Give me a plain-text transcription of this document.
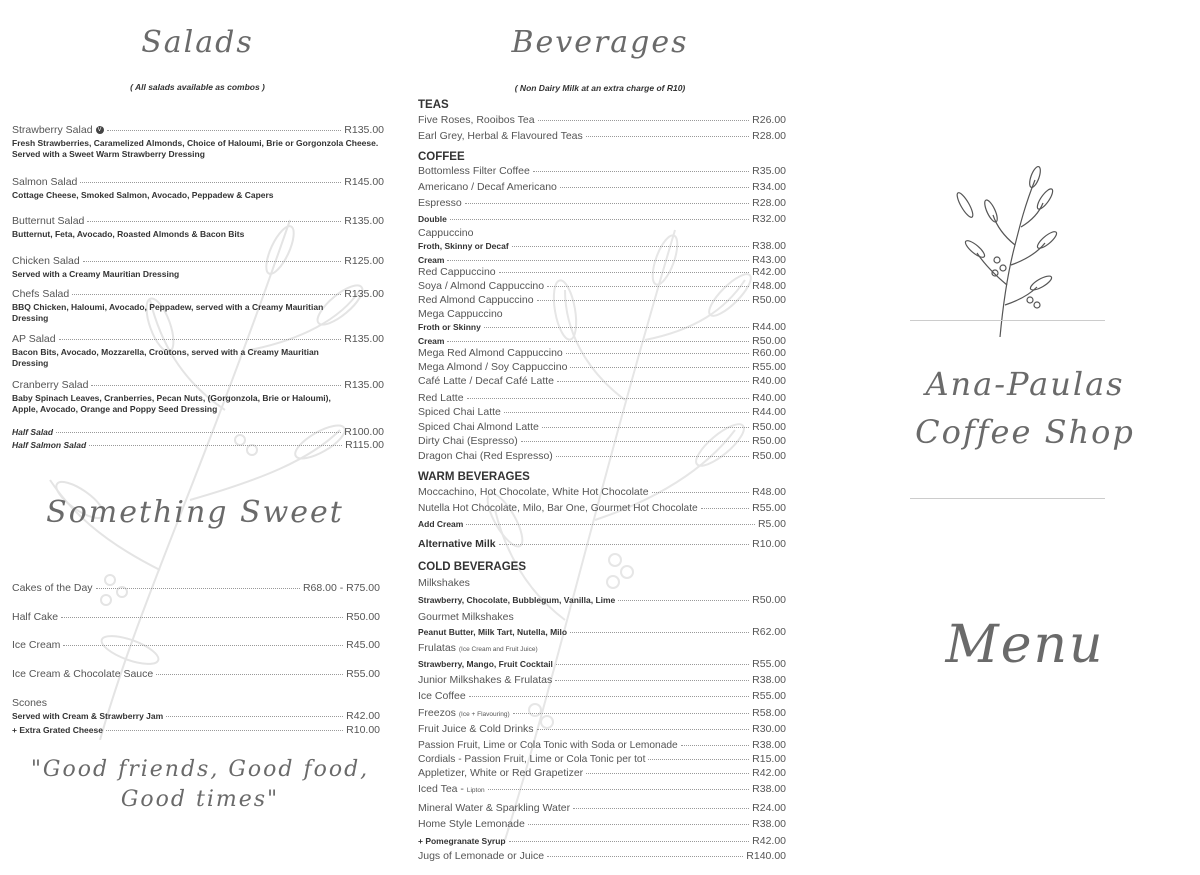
Salads
( All salads available as combos )
Strawberry Salad V	R135.00
Fresh Strawberries, Caramelized Almonds, Choice of Haloumi, Brie or Gorgonzola Cheese. Served with a Sweet Warm Strawberry Dressing
Salmon Salad	R145.00
Cottage Cheese, Smoked Salmon, Avocado, Peppadew & Capers
Butternut Salad	R135.00
Butternut, Feta, Avocado, Roasted Almonds & Bacon Bits
Chicken Salad	R125.00
Served with a Creamy Mauritian Dressing
Chefs Salad	R135.00
BBQ Chicken, Haloumi, Avocado, Peppadew, served with a Creamy Mauritian Dressing
AP Salad	R135.00
Bacon Bits, Avocado, Mozzarella, Croûtons, served with a Creamy Mauritian Dressing
Cranberry Salad	R135.00
Baby Spinach Leaves, Cranberries, Pecan Nuts, (Gorgonzola, Brie or Haloumi), Apple, Avocado, Orange and Poppy Seed Dressing
Half Salad	R100.00
Half Salmon Salad	R115.00
Something Sweet
Cakes of the Day	R68.00 - R75.00
Half Cake	R50.00
Ice Cream	R45.00
Ice Cream & Chocolate Sauce	R55.00
Scones
Served with Cream & Strawberry Jam	R42.00
+ Extra Grated Cheese	R10.00
"Good friends, Good food,
Good times"
Beverages
( Non Dairy Milk at an extra charge of R10)
TEAS
Five Roses, Rooibos Tea	R26.00
Earl Grey, Herbal & Flavoured Teas	R28.00
COFFEE
Bottomless Filter Coffee	R35.00
Americano / Decaf Americano	R34.00
Espresso	R28.00
Double	R32.00
Cappuccino
Froth, Skinny or Decaf	R38.00
Cream	R43.00
Red Cappuccino	R42.00
Soya / Almond Cappuccino	R48.00
Red Almond Cappuccino	R50.00
Mega Cappuccino
Froth or Skinny	R44.00
Cream	R50.00
Mega Red Almond Cappuccino	R60.00
Mega Almond / Soy Cappuccino	R55.00
Café Latte / Decaf Café Latte	R40.00
Red Latte	R40.00
Spiced Chai Latte	R44.00
Spiced Chai Almond Latte	R50.00
Dirty Chai (Espresso)	R50.00
Dragon Chai (Red Espresso)	R50.00
WARM BEVERAGES
Moccachino, Hot Chocolate, White Hot Chocolate	R48.00
Nutella Hot Chocolate, Milo, Bar One, Gourmet Hot Chocolate	R55.00
Add Cream	R5.00
Alternative Milk	R10.00
COLD BEVERAGES
Milkshakes
Strawberry, Chocolate, Bubblegum, Vanilla, Lime	R50.00
Gourmet Milkshakes
Peanut Butter, Milk Tart, Nutella, Milo	R62.00
Frulatas (Ice Cream and Fruit Juice)
Strawberry, Mango, Fruit Cocktail	R55.00
Junior Milkshakes & Frulatas	R38.00
Ice Coffee	R55.00
Freezos (Ice + Flavouring)	R58.00
Fruit Juice & Cold Drinks	R30.00
Passion Fruit, Lime or Cola Tonic with Soda or Lemonade	R38.00
Cordials - Passion Fruit, Lime or Cola Tonic per tot	R15.00
Appletizer, White or Red Grapetizer	R42.00
Iced Tea - Lipton	R38.00
Mineral Water & Sparkling Water	R24.00
Home Style Lemonade	R38.00
+ Pomegranate Syrup	R42.00
Jugs of Lemonade or Juice	R140.00
Ana-Paulas
Coffee Shop
Menu
